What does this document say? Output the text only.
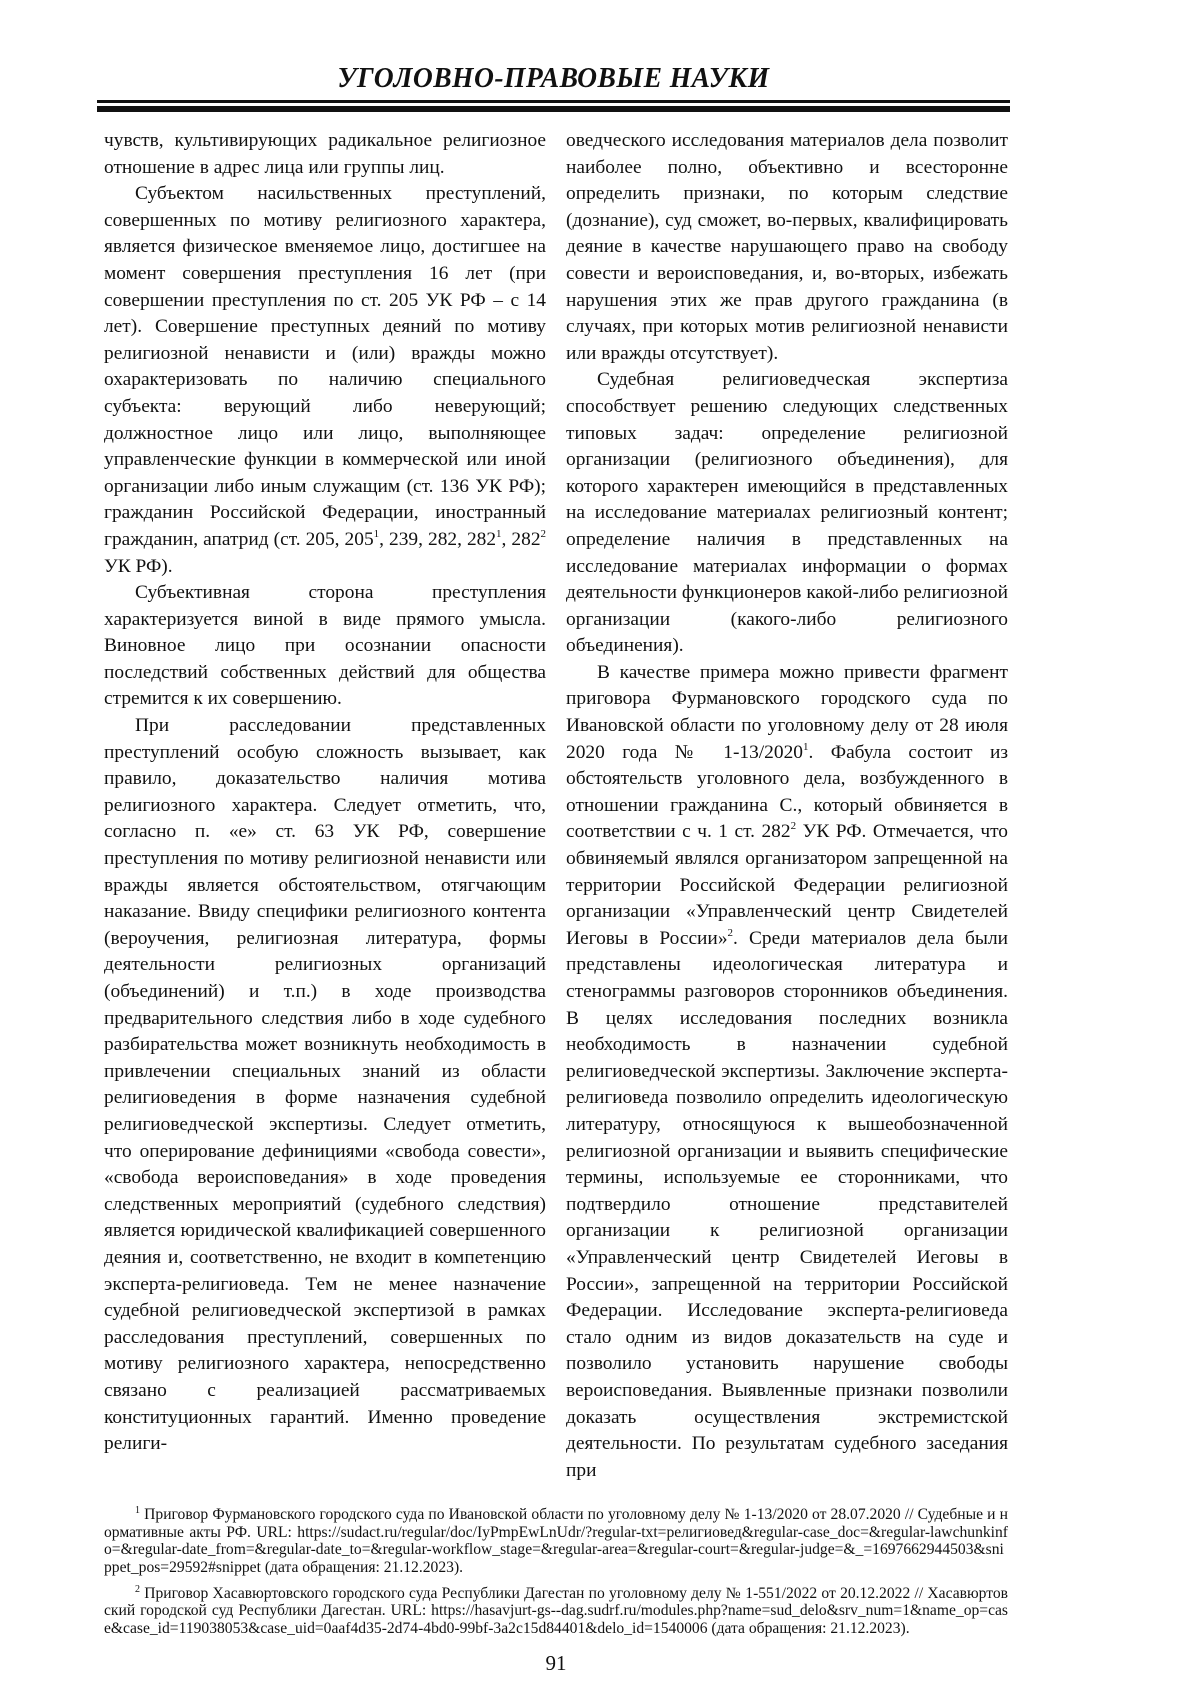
УГОЛОВНО-ПРАВОВЫЕ НАУКИ

чувств, культивирующих радикальное религиозное отношение в адрес лица или группы лиц.

Субъектом насильственных преступлений, совершенных по мотиву религиозного характера, является физическое вменяемое лицо, достигшее на момент совершения преступления 16 лет (при совершении преступления по ст. 205 УК РФ – с 14 лет). Совершение преступных деяний по мотиву религиозной ненависти и (или) вражды можно охарактеризовать по наличию специального субъекта: верующий либо неверующий; должностное лицо или лицо, выполняющее управленческие функции в коммерческой или иной организации либо иным служащим (ст. 136 УК РФ); гражданин Российской Федерации, иностранный гражданин, апатрид (ст. 205, 2051, 239, 282, 2821, 2822 УК РФ).

Субъективная сторона преступления характеризуется виной в виде прямого умысла. Виновное лицо при осознании опасности последствий собственных действий для общества стремится к их совершению.

При расследовании представленных преступлений особую сложность вызывает, как правило, доказательство наличия мотива религиозного характера. Следует отметить, что, согласно п. «е» ст. 63 УК РФ, совершение преступления по мотиву религиозной ненависти или вражды является обстоятельством, отягчающим наказание. Ввиду специфики религиозного контента (вероучения, религиозная литература, формы деятельности религиозных организаций (объединений) и т.п.) в ходе производства предварительного следствия либо в ходе судебного разбирательства может возникнуть необходимость в привлечении специальных знаний из области религиоведения в форме назначения судебной религиоведческой экспертизы. Следует отметить, что оперирование дефинициями «свобода совести», «свобода вероисповедания» в ходе проведения следственных мероприятий (судебного следствия) является юридической квалификацией совершенного деяния и, соответственно, не входит в компетенцию эксперта-религиоведа. Тем не менее назначение судебной религиоведческой экспертизой в рамках расследования преступлений, совершенных по мотиву религиозного характера, непосредственно связано с реализацией рассматриваемых конституционных гарантий. Именно проведение религи-

оведческого исследования материалов дела позволит наиболее полно, объективно и всесторонне определить признаки, по которым следствие (дознание), суд сможет, во-первых, квалифицировать деяние в качестве нарушающего право на свободу совести и вероисповедания, и, во-вторых, избежать нарушения этих же прав другого гражданина (в случаях, при которых мотив религиозной ненависти или вражды отсутствует).

Судебная религиоведческая экспертиза способствует решению следующих следственных типовых задач: определение религиозной организации (религиозного объединения), для которого характерен имеющийся в представленных на исследование материалах религиозный контент; определение наличия в представленных на исследование материалах информации о формах деятельности функционеров какой-либо религиозной организации (какого-либо религиозного объединения).

В качестве примера можно привести фрагмент приговора Фурмановского городского суда по Ивановской области по уголовному делу от 28 июля 2020 года № 1-13/20201. Фабула состоит из обстоятельств уголовного дела, возбужденного в отношении гражданина С., который обвиняется в соответствии с ч. 1 ст. 2822 УК РФ. Отмечается, что обвиняемый являлся организатором запрещенной на территории Российской Федерации религиозной организации «Управленческий центр Свидетелей Иеговы в России»2. Среди материалов дела были представлены идеологическая литература и стенограммы разговоров сторонников объединения. В целях исследования последних возникла необходимость в назначении судебной религиоведческой экспертизы. Заключение эксперта-религиоведа позволило определить идеологическую литературу, относящуюся к вышеобозначенной религиозной организации и выявить специфические термины, используемые ее сторонниками, что подтвердило отношение представителей организации к религиозной организации «Управленческий центр Свидетелей Иеговы в России», запрещенной на территории Российской Федерации. Исследование эксперта-религиоведа стало одним из видов доказательств на суде и позволило установить нарушение свободы вероисповедания. Выявленные признаки позволили доказать осуществления экстремистской деятельности. По результатам судебного заседания при

1 Приговор Фурмановского городского суда по Ивановской области по уголовному делу № 1-13/2020 от 28.07.2020 // Судебные и нормативные акты РФ. URL: https://sudact.ru/regular/doc/IyPmpEwLnUdr/?regular-txt=религиовед&regular-case_doc=&regular-lawchunkinfo=&regular-date_from=&regular-date_to=&regular-workflow_stage=&regular-area=&regular-court=&regular-judge=&_=1697662944503&snippet_pos=29592#snippet (дата обращения: 21.12.2023).

2 Приговор Хасавюртовского городского суда Республики Дагестан по уголовному делу № 1-551/2022 от 20.12.2022 // Хасавюртовский городской суд Республики Дагестан. URL: https://hasavjurt-gs--dag.sudrf.ru/modules.php?name=sud_delo&srv_num=1&name_op=case&case_id=119038053&case_uid=0aaf4d35-2d74-4bd0-99bf-3a2c15d84401&delo_id=1540006 (дата обращения: 21.12.2023).

91
